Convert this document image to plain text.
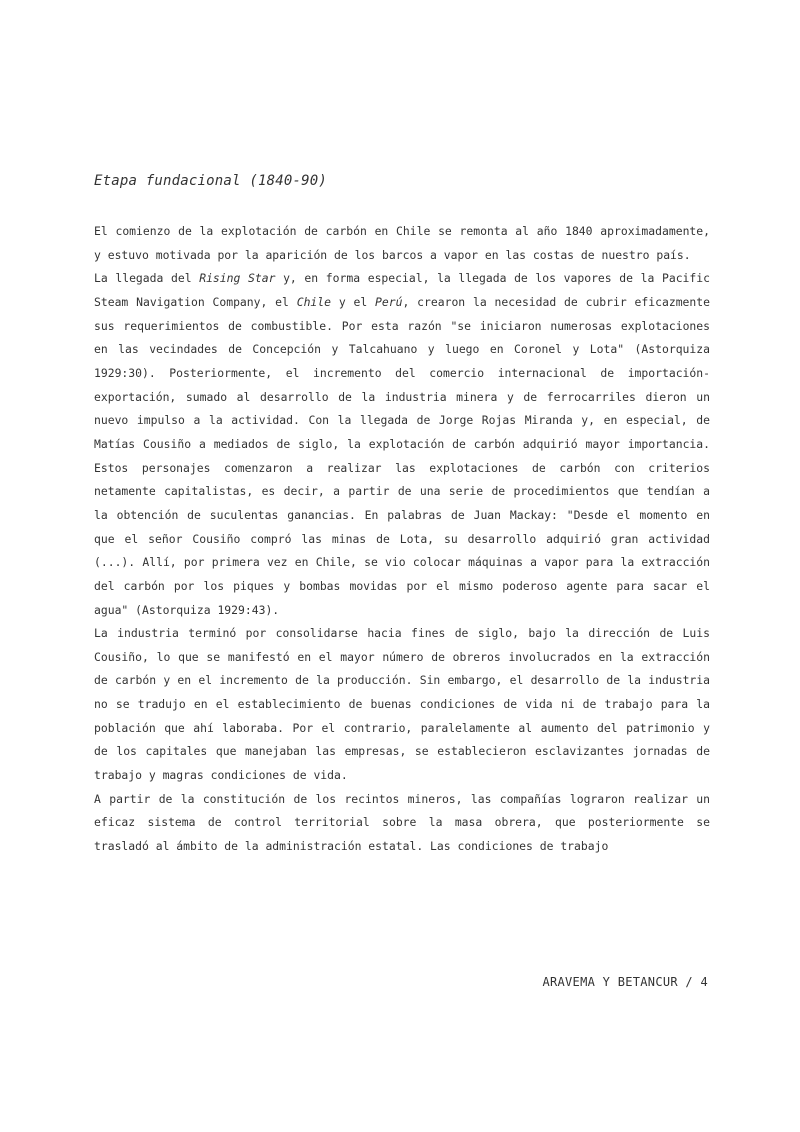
Etapa fundacional (1840-90)

El comienzo de la explotación de carbón en Chile se remonta al año 1840 aproximadamente, y estuvo motivada por la aparición de los barcos a vapor en las costas de nuestro país.

La llegada del Rising Star y, en forma especial, la llegada de los vapores de la Pacific Steam Navigation Company, el Chile y el Perú, crearon la necesidad de cubrir eficazmente sus requerimientos de combustible. Por esta razón "se iniciaron numerosas explotaciones en las vecindades de Concepción y Talcahuano y luego en Coronel y Lota" (Astorquiza 1929:30). Posteriormente, el incremento del comercio internacional de importación-exportación, sumado al desarrollo de la industria minera y de ferrocarriles dieron un nuevo impulso a la actividad. Con la llegada de Jorge Rojas Miranda y, en especial, de Matías Cousiño a mediados de siglo, la explotación de carbón adquirió mayor importancia. Estos personajes comenzaron a realizar las explotaciones de carbón con criterios netamente capitalistas, es decir, a partir de una serie de procedimientos que tendían a la obtención de suculentas ganancias. En palabras de Juan Mackay: "Desde el momento en que el señor Cousiño compró las minas de Lota, su desarrollo adquirió gran actividad (...). Allí, por primera vez en Chile, se vio colocar máquinas a vapor para la extracción del carbón por los piques y bombas movidas por el mismo poderoso agente para sacar el agua" (Astorquiza 1929:43).

La industria terminó por consolidarse hacia fines de siglo, bajo la dirección de Luis Cousiño, lo que se manifestó en el mayor número de obreros involucrados en la extracción de carbón y en el incremento de la producción. Sin embargo, el desarrollo de la industria no se tradujo en el establecimiento de buenas condiciones de vida ni de trabajo para la población que ahí laboraba. Por el contrario, paralelamente al aumento del patrimonio y de los capitales que manejaban las empresas, se establecieron esclavizantes jornadas de trabajo y magras condiciones de vida.

A partir de la constitución de los recintos mineros, las compañías lograron realizar un eficaz sistema de control territorial sobre la masa obrera, que posteriormente se trasladó al ámbito de la administración estatal. Las condiciones de trabajo

ARAVEMA Y BETANCUR / 4
